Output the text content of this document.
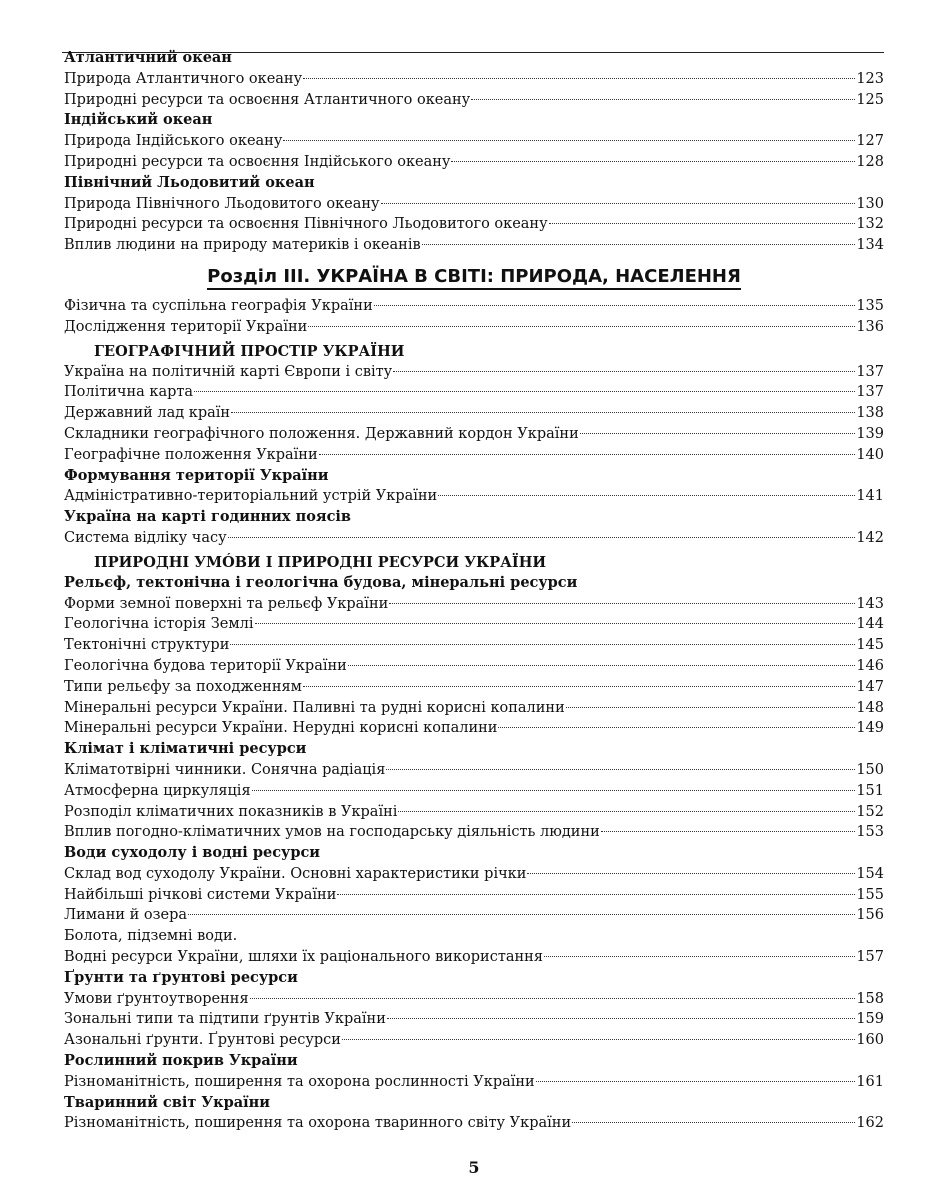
Атлантичний океан
Природа Атлантичного океану	123
Природні ресурси та освоєння Атлантичного океану	125
Індійський океан
Природа Індійського океану	127
Природні ресурси та освоєння Індійського океану	128
Північний Льодовитий океан
Природа Північного Льодовитого океану	130
Природні ресурси та освоєння Північного Льодовитого океану	132
Вплив людини на природу материків і океанів	134
Розділ ІІІ. УКРАЇНА В СВІТІ: ПРИРОДА, НАСЕЛЕННЯ
Фізична та суспільна географія України	135
Дослідження території України	136
ГЕОГРАФІЧНИЙ ПРОСТІР УКРАЇНИ
Україна на політичній карті Європи і світу	137
Політична карта	137
Державний лад країн	138
Складники географічного положення. Державний кордон України	139
Географічне положення України	140
Формування території України
Адміністративно-територіальний устрій України	141
Україна на карті годинних поясів
Система відліку часу	142
ПРИРОДНІ УМÓВИ І ПРИРОДНІ РЕСУРСИ УКРАЇНИ
Рельєф, тектонічна і геологічна будова, мінеральні ресурси
Форми земної поверхні та рельєф України	143
Геологічна історія Землі	144
Тектонічні структури	145
Геологічна будова території України	146
Типи рельєфу за походженням	147
Мінеральні ресурси України. Паливні та рудні корисні копалини	148
Мінеральні ресурси України. Нерудні корисні копалини	149
Клімат і кліматичні ресурси
Кліматотвірні чинники. Сонячна радіація	150
Атмосферна циркуляція	151
Розподіл кліматичних показників в Україні	152
Вплив погодно-кліматичних умов на господарську діяльність людини	153
Води суходолу і водні ресурси
Склад вод суходолу України. Основні характеристики річки	154
Найбільші річкові системи України	155
Лимани й озера	156
Болота, підземні води.
Водні ресурси України, шляхи їх раціонального використання	157
Ґрунти та ґрунтові ресурси
Умови ґрунтоутворення	158
Зональні типи та підтипи ґрунтів України	159
Азональні ґрунти. Ґрунтові ресурси	160
Рослинний покрив України
Різноманітність, поширення та охорона рослинності України	161
Тваринний світ України
Різноманітність, поширення та охорона тваринного світу України	162
5
